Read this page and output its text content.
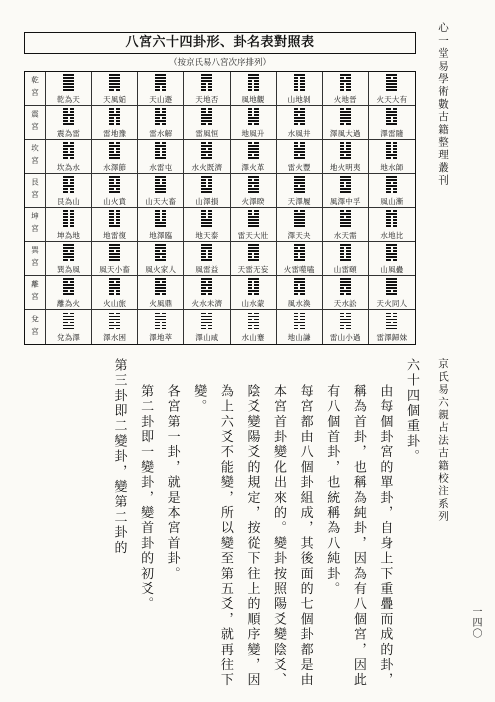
八宮六十四卦形、卦名表對照表
（按京氏易八宮次序排列）
乾宮 乾為天	天風姤	天山遯	天地否	風地觀	山地剝	火地晉	火天大有
震宮 震為雷	雷地豫	雷水解	雷風恒	地風升	水風井	澤風大過	澤雷隨
坎宮 坎為水	水澤節	水雷屯	水火既濟	澤火革	雷火豐	地火明夷	地水師
艮宮 艮為山	山火賁	山天大畜	山澤損	火澤睽	天澤履	風澤中孚	風山漸
坤宮 坤為地	地雷復	地澤臨	地天泰	雷天大壯	澤天夬	水天需	水地比
巽宮 巽為風	風天小畜 風火家人	風雷益	天雷无妄 火雷噬嗑	山雷頤	山風蠱
離宮 離為火	火山旅	火風鼎	火水未濟	山水蒙	風水渙	天水訟	天火同人
兌宮 兌為澤	澤水困	澤地萃	澤山咸	水山蹇	地山謙	雷山小過 雷澤歸妹
心一堂易學術數古籍整理叢刊
京氏易六親占法古籍校注系列
一四〇
六十四個重卦。
由每個卦宮的單卦，自身上下重疊而成的卦，稱為首卦，也稱為純卦，因為有八個宮，因此有八個首卦，也統稱為八純卦。
每宮都由八個卦組成，其後面的七個卦都是由本宮首卦變化出來的。變卦按照陽爻變陰爻、陰爻變陽爻的規定，按從下往上的順序變，因為上六爻不能變，所以變至第五爻，就再往下變。
各宮第一卦，就是本宮首卦。
第二卦即一變卦，變首卦的初爻。
第三卦即二變卦，變第二卦的
